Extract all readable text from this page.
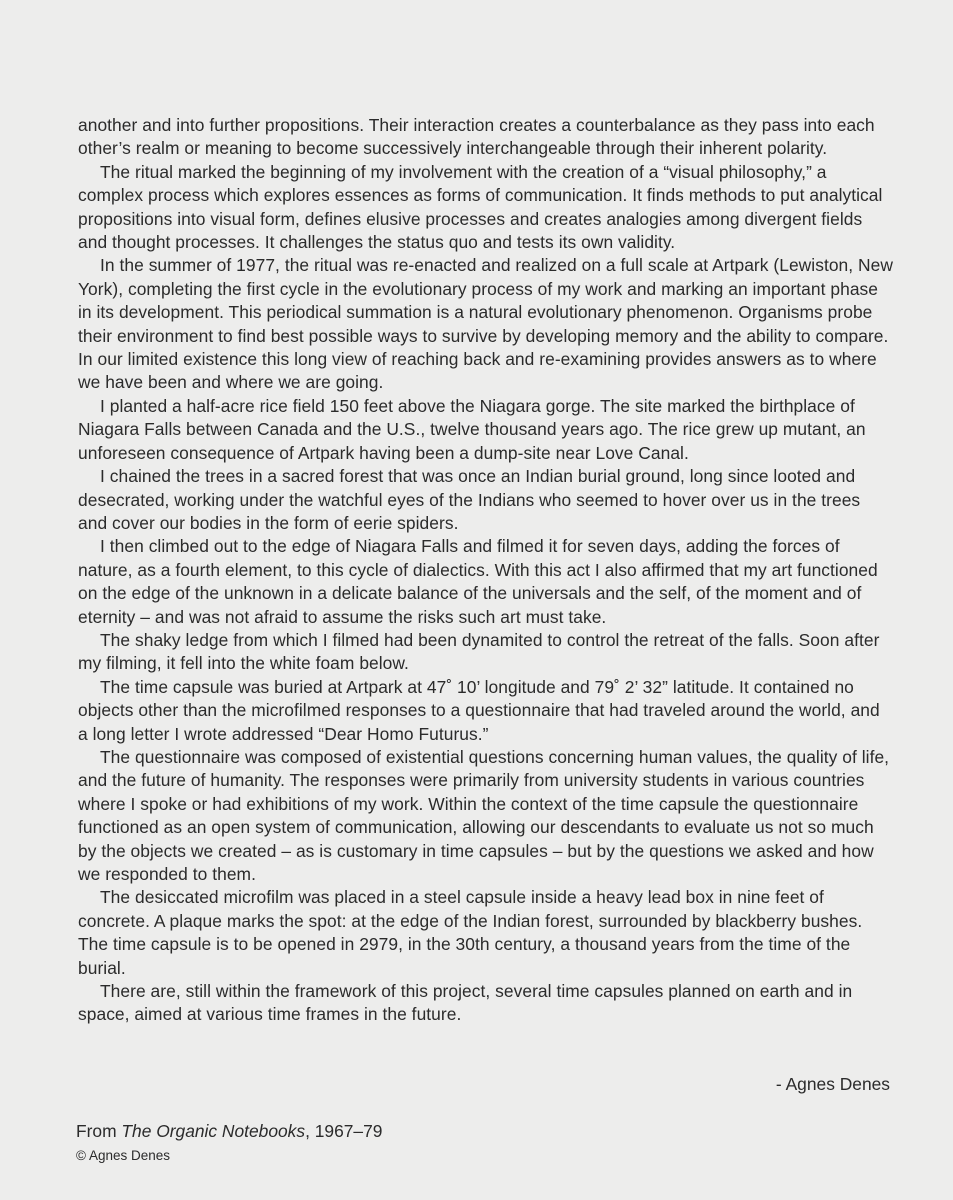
another and into further propositions. Their interaction creates a counterbalance as they pass into each other’s realm or meaning to become successively interchangeable through their inherent polarity.

The ritual marked the beginning of my involvement with the creation of a “visual philosophy,” a complex process which explores essences as forms of communication. It finds methods to put analytical propositions into visual form, defines elusive processes and creates analogies among divergent fields and thought processes. It challenges the status quo and tests its own validity.

In the summer of 1977, the ritual was re-enacted and realized on a full scale at Artpark (Lewiston, New York), completing the first cycle in the evolutionary process of my work and marking an important phase in its development. This periodical summation is a natural evolutionary phenomenon. Organisms probe their environment to find best possible ways to survive by developing memory and the ability to compare. In our limited existence this long view of reaching back and re-examining provides answers as to where we have been and where we are going.

I planted a half-acre rice field 150 feet above the Niagara gorge. The site marked the birthplace of Niagara Falls between Canada and the U.S., twelve thousand years ago. The rice grew up mutant, an unforeseen consequence of Artpark having been a dump-site near Love Canal.

I chained the trees in a sacred forest that was once an Indian burial ground, long since looted and desecrated, working under the watchful eyes of the Indians who seemed to hover over us in the trees and cover our bodies in the form of eerie spiders.

I then climbed out to the edge of Niagara Falls and filmed it for seven days, adding the forces of nature, as a fourth element, to this cycle of dialectics. With this act I also affirmed that my art functioned on the edge of the unknown in a delicate balance of the universals and the self, of the moment and of eternity – and was not afraid to assume the risks such art must take.

The shaky ledge from which I filmed had been dynamited to control the retreat of the falls. Soon after my filming, it fell into the white foam below.

The time capsule was buried at Artpark at 47˚ 10’ longitude and 79˚ 2’ 32” latitude. It contained no objects other than the microfilmed responses to a questionnaire that had traveled around the world, and a long letter I wrote addressed “Dear Homo Futurus.”

The questionnaire was composed of existential questions concerning human values, the quality of life, and the future of humanity. The responses were primarily from university students in various countries where I spoke or had exhibitions of my work. Within the context of the time capsule the questionnaire functioned as an open system of communication, allowing our descendants to evaluate us not so much by the objects we created – as is customary in time capsules – but by the questions we asked and how we responded to them.

The desiccated microfilm was placed in a steel capsule inside a heavy lead box in nine feet of concrete. A plaque marks the spot: at the edge of the Indian forest, surrounded by blackberry bushes. The time capsule is to be opened in 2979, in the 30th century, a thousand years from the time of the burial.

There are, still within the framework of this project, several time capsules planned on earth and in space, aimed at various time frames in the future.

- Agnes Denes
From The Organic Notebooks, 1967–79
© Agnes Denes
